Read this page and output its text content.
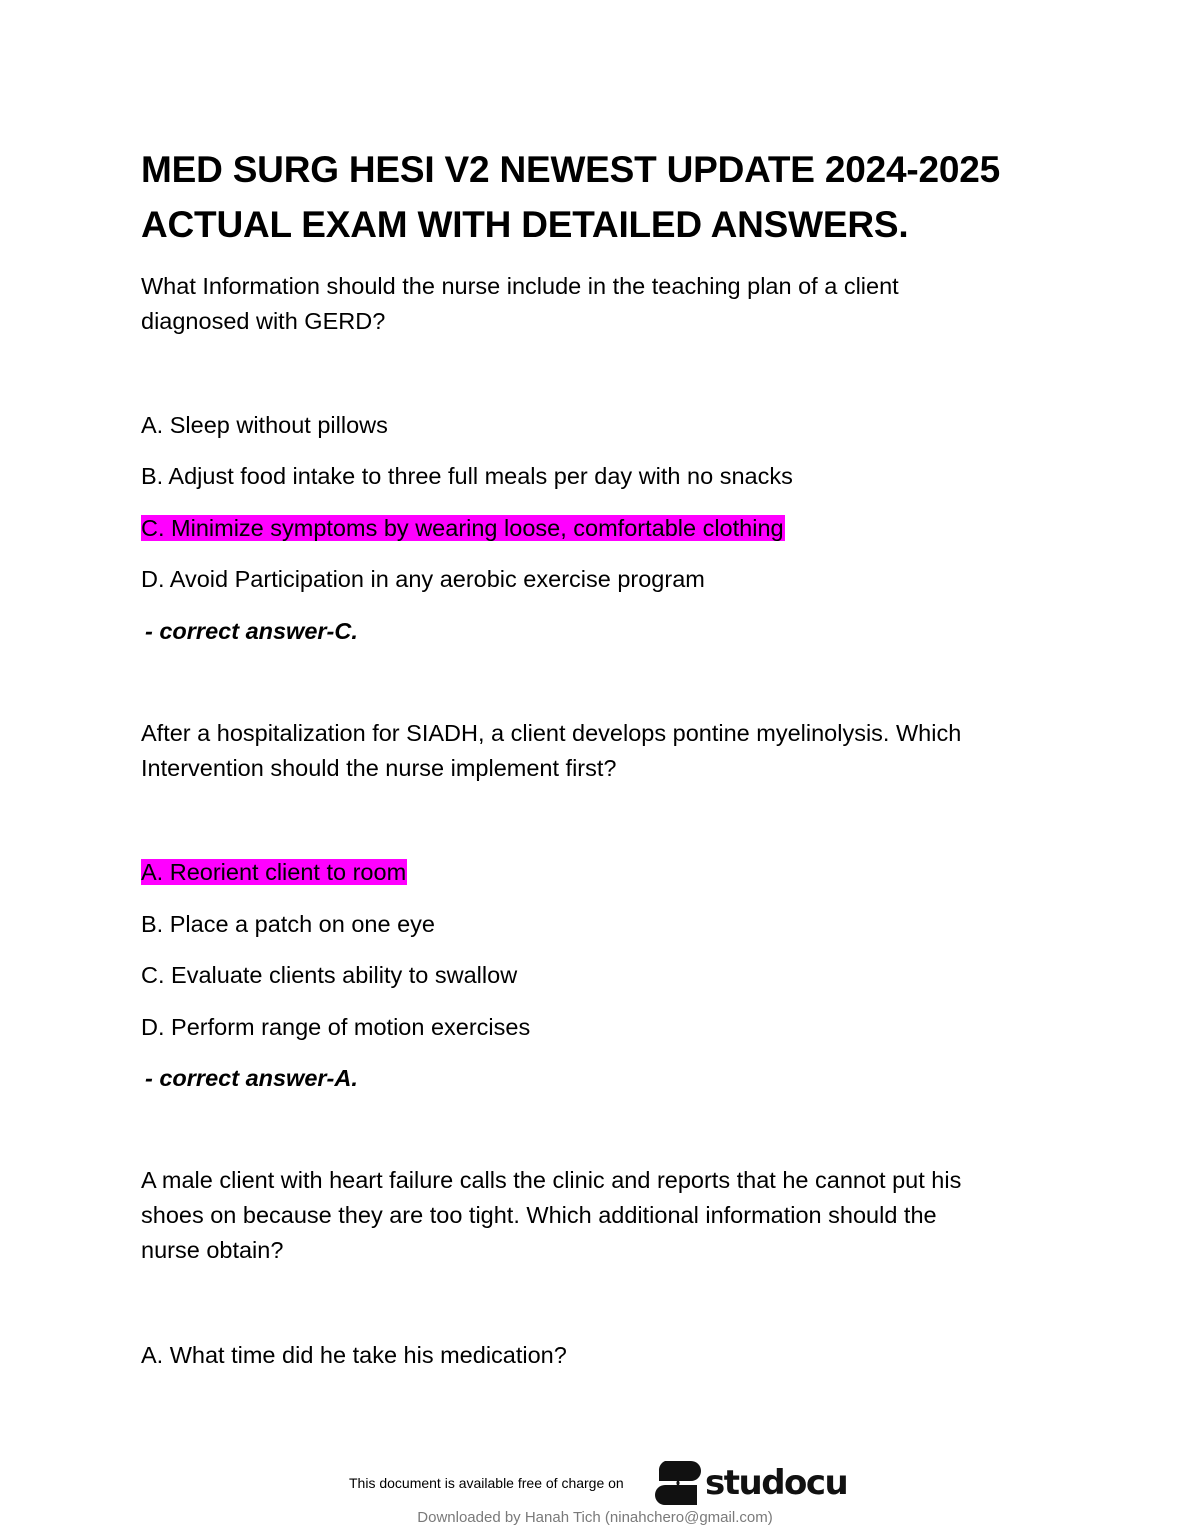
MED SURG HESI V2 NEWEST UPDATE 2024-2025
ACTUAL EXAM WITH DETAILED ANSWERS.

What Information should the nurse include in the teaching plan of a client
diagnosed with GERD?

A. Sleep without pillows

B. Adjust food intake to three full meals per day with no snacks

C. Minimize symptoms by wearing loose, comfortable clothing

D. Avoid Participation in any aerobic exercise program

- correct answer-C.

After a hospitalization for SIADH, a client develops pontine myelinolysis. Which
Intervention should the nurse implement first?

A. Reorient client to room

B. Place a patch on one eye

C. Evaluate clients ability to swallow

D. Perform range of motion exercises

- correct answer-A.

A male client with heart failure calls the clinic and reports that he cannot put his
shoes on because they are too tight. Which additional information should the
nurse obtain?

A. What time did he take his medication?

This document is available free of charge on studocu
Downloaded by Hanah Tich (ninahchero@gmail.com)
